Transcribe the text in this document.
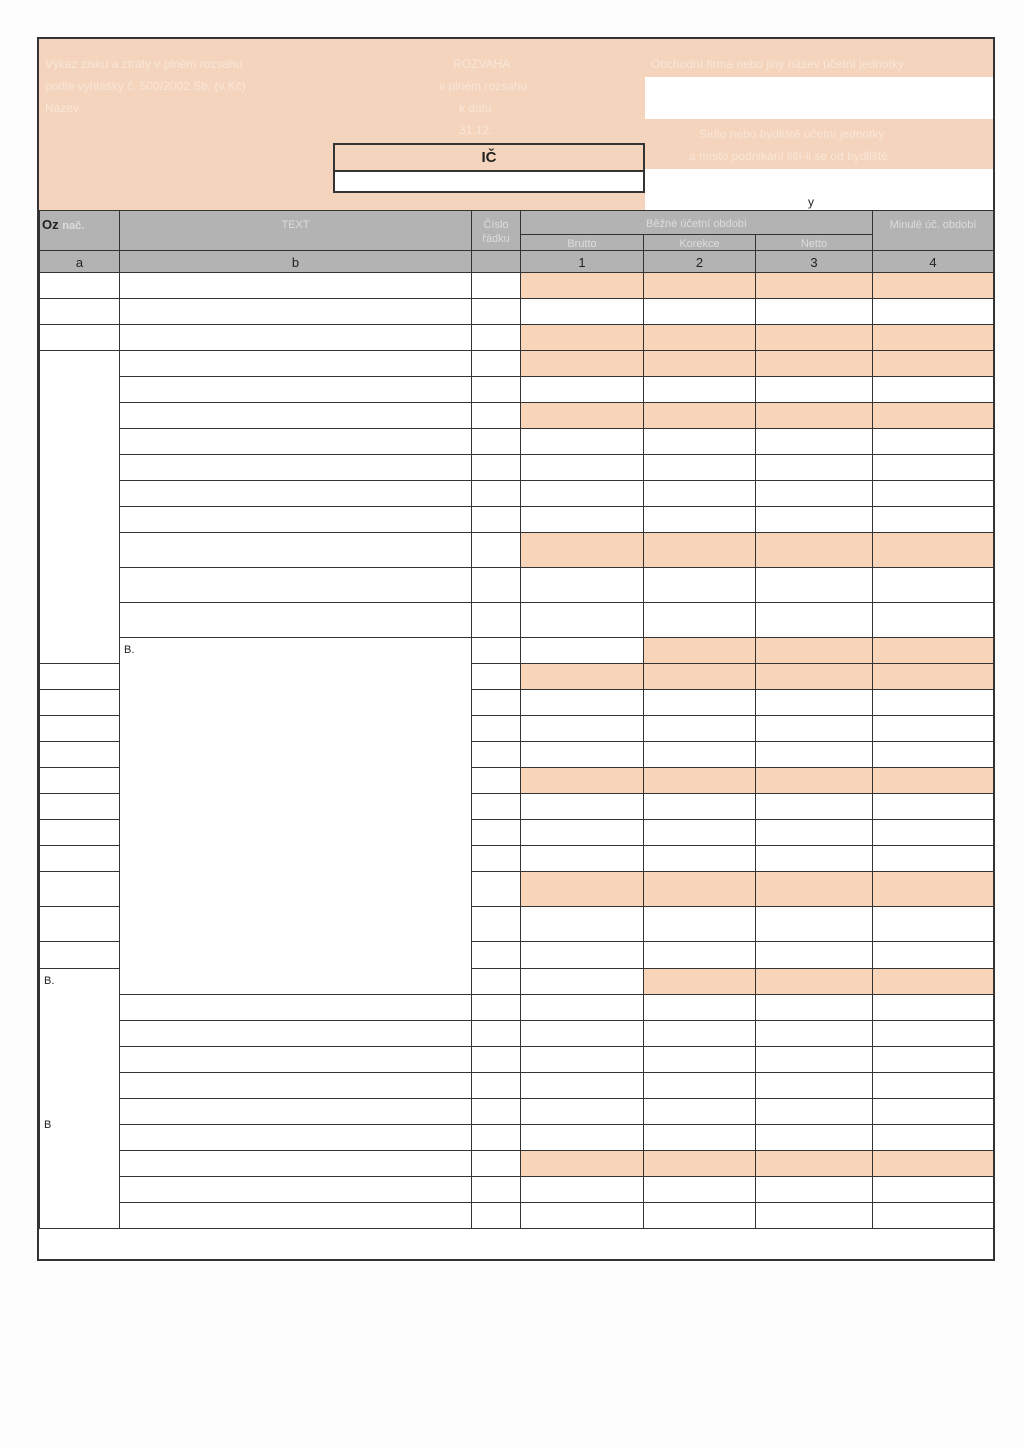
Výkaz zisku a ztráty v plném rozsahu
podle vyhlášky č. 500/2002 Sb. (v Kč)
Název
ROZVAHA
v plném rozsahu
k datu
31.12.
Obchodní firma nebo jiný název účetní jednotky
Sídlo nebo bydliště účetní jednotky
a místo podnikání liší-li se od bydliště
IČ
y
Oz nač.	TEXT	Číslo řádku	Běžné účetní období			Minulé úč. období	
			Brutto	Korekce	Netto		
a	b		1	2	3	4	

	B.						

B.

B							
